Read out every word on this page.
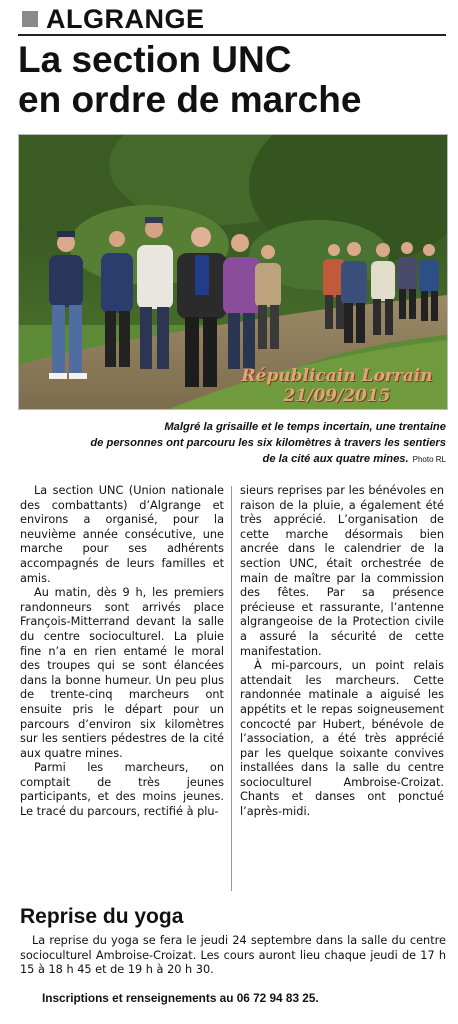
ALGRANGE
La section UNC
en ordre de marche
Républicain Lorrain
21/09/2015
Malgré la grisaille et le temps incertain, une trentaine
de personnes ont parcouru les six kilomètres à travers les sentiers
de la cité aux quatre mines. Photo RL

La section UNC (Union nationale des combattants) d’Algrange et environs a organisé, pour la neuvième année consécutive, une marche pour ses adhérents accompagnés de leurs familles et amis.

Au matin, dès 9 h, les premiers randonneurs sont arrivés place François-Mitterrand devant la salle du centre socioculturel. La pluie fine n’a en rien entamé le moral des troupes qui se sont élancées dans la bonne humeur. Un peu plus de trente-cinq marcheurs ont ensuite pris le départ pour un parcours d’environ six kilomètres sur les sentiers pédestres de la cité aux quatre mines.

Parmi les marcheurs, on comptait de très jeunes participants, et des moins jeunes. Le tracé du parcours, rectifié à plu-

sieurs reprises par les bénévoles en raison de la pluie, a également été très apprécié. L’organisation de cette marche désormais bien ancrée dans le calendrier de la section UNC, était orchestrée de main de maître par la commission des fêtes. Par sa présence précieuse et rassurante, l’antenne algrangeoise de la Protection civile a assuré la sécurité de cette manifestation.

À mi-parcours, un point relais attendait les marcheurs. Cette randonnée matinale a aiguisé les appétits et le repas soigneusement concocté par Hubert, bénévole de l’association, a été très apprécié par les quelque soixante convives installées dans la salle du centre socioculturel Ambroise-Croizat. Chants et danses ont ponctué l’après-midi.

Reprise du yoga

La reprise du yoga se fera le jeudi 24 septembre dans la salle du centre socioculturel Ambroise-Croizat. Les cours auront lieu chaque jeudi de 17 h 15 à 18 h 45 et de 19 h à 20 h 30.

Inscriptions et renseignements au 06 72 94 83 25.
